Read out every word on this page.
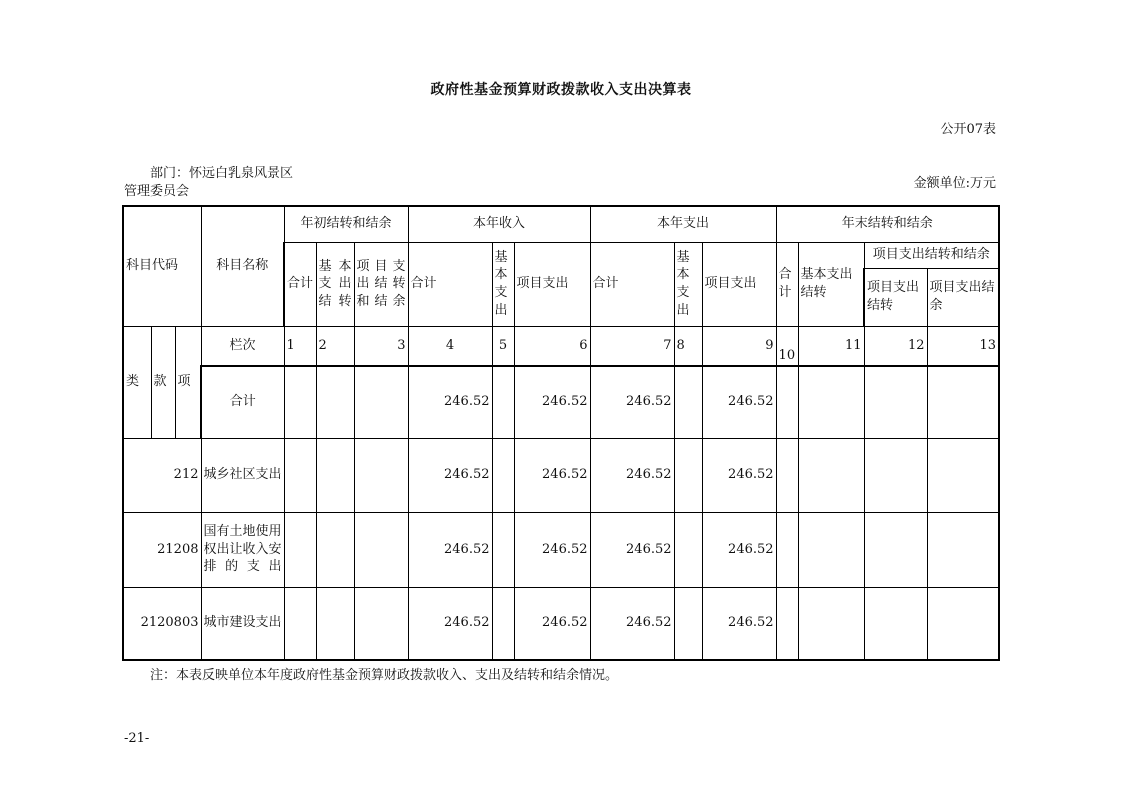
政府性基金预算财政拨款收入支出决算表
公开07表
部门：怀远白乳泉风景区
管理委员会
金额单位:万元
科目代码			科目名称	年初结转和结余			本年收入			本年支出			年末结转和结余			
				合计	基本支出结转	项目支出结转和结余	合计	基本支出	项目支出	合计	基本支出	项目支出	合计	基本支出结转	项目支出结转和结余	
															项目支出结转	项目支出结余
类	款	项	栏次	1	2	3	4	5	6	7	8	9	10	11	12	13
			合计				246.52		246.52	246.52		246.52				
212			城乡社区支出				246.52		246.52	246.52		246.52				
21208			国有土地使用权出让收入安排的支出				246.52		246.52	246.52		246.52				
2120803			城市建设支出				246.52		246.52	246.52		246.52				
注：本表反映单位本年度政府性基金预算财政拨款收入、支出及结转和结余情况。
-21-
